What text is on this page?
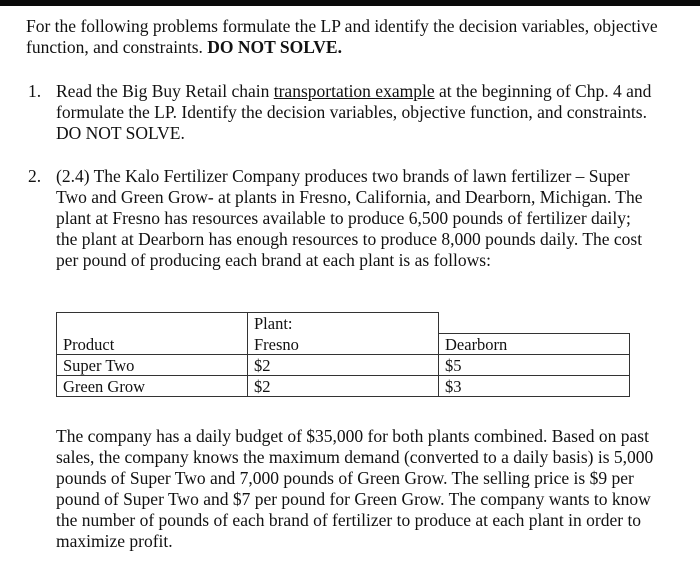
For the following problems formulate the LP and identify the decision variables, objective function, and constraints. DO NOT SOLVE.
1. Read the Big Buy Retail chain transportation example at the beginning of Chp. 4 and formulate the LP. Identify the decision variables, objective function, and constraints. DO NOT SOLVE.
2. (2.4) The Kalo Fertilizer Company produces two brands of lawn fertilizer – Super Two and Green Grow- at plants in Fresno, California, and Dearborn, Michigan. The plant at Fresno has resources available to produce 6,500 pounds of fertilizer daily; the plant at Dearborn has enough resources to produce 8,000 pounds daily. The cost per pound of producing each brand at each plant is as follows:
	Plant:	
Product	Fresno	Dearborn
Super Two	$2	$5
Green Grow	$2	$3
The company has a daily budget of $35,000 for both plants combined. Based on past sales, the company knows the maximum demand (converted to a daily basis) is 5,000 pounds of Super Two and 7,000 pounds of Green Grow. The selling price is $9 per pound of Super Two and $7 per pound for Green Grow. The company wants to know the number of pounds of each brand of fertilizer to produce at each plant in order to maximize profit.
